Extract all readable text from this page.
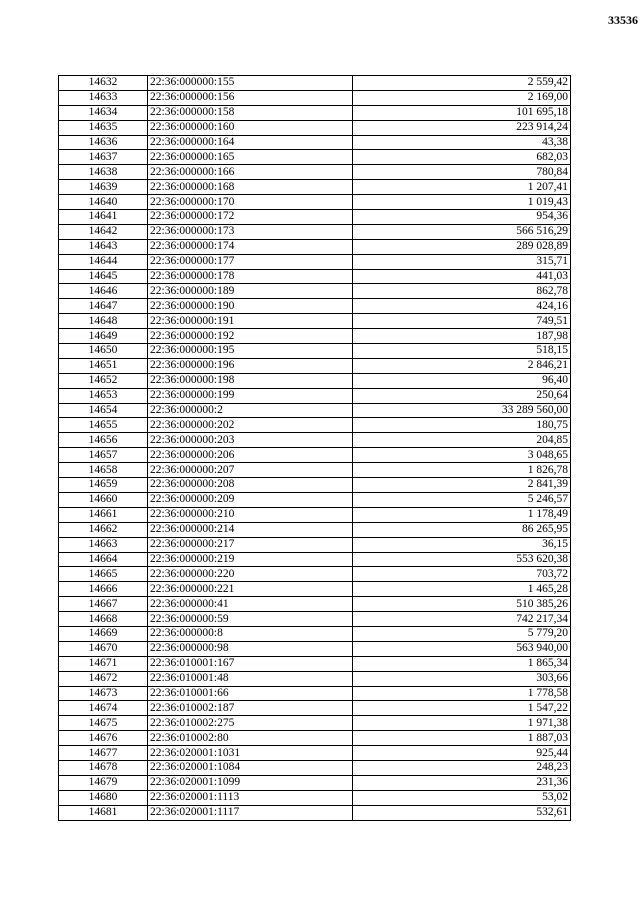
33536
14632	22:36:000000:155	2 559,42
14633	22:36:000000:156	2 169,00
14634	22:36:000000:158	101 695,18
14635	22:36:000000:160	223 914,24
14636	22:36:000000:164	43,38
14637	22:36:000000:165	682,03
14638	22:36:000000:166	780,84
14639	22:36:000000:168	1 207,41
14640	22:36:000000:170	1 019,43
14641	22:36:000000:172	954,36
14642	22:36:000000:173	566 516,29
14643	22:36:000000:174	289 028,89
14644	22:36:000000:177	315,71
14645	22:36:000000:178	441,03
14646	22:36:000000:189	862,78
14647	22:36:000000:190	424,16
14648	22:36:000000:191	749,51
14649	22:36:000000:192	187,98
14650	22:36:000000:195	518,15
14651	22:36:000000:196	2 846,21
14652	22:36:000000:198	96,40
14653	22:36:000000:199	250,64
14654	22:36:000000:2	33 289 560,00
14655	22:36:000000:202	180,75
14656	22:36:000000:203	204,85
14657	22:36:000000:206	3 048,65
14658	22:36:000000:207	1 826,78
14659	22:36:000000:208	2 841,39
14660	22:36:000000:209	5 246,57
14661	22:36:000000:210	1 178,49
14662	22:36:000000:214	86 265,95
14663	22:36:000000:217	36,15
14664	22:36:000000:219	553 620,38
14665	22:36:000000:220	703,72
14666	22:36:000000:221	1 465,28
14667	22:36:000000:41	510 385,26
14668	22:36:000000:59	742 217,34
14669	22:36:000000:8	5 779,20
14670	22:36:000000:98	563 940,00
14671	22:36:010001:167	1 865,34
14672	22:36:010001:48	303,66
14673	22:36:010001:66	1 778,58
14674	22:36:010002:187	1 547,22
14675	22:36:010002:275	1 971,38
14676	22:36:010002:80	1 887,03
14677	22:36:020001:1031	925,44
14678	22:36:020001:1084	248,23
14679	22:36:020001:1099	231,36
14680	22:36:020001:1113	53,02
14681	22:36:020001:1117	532,61
